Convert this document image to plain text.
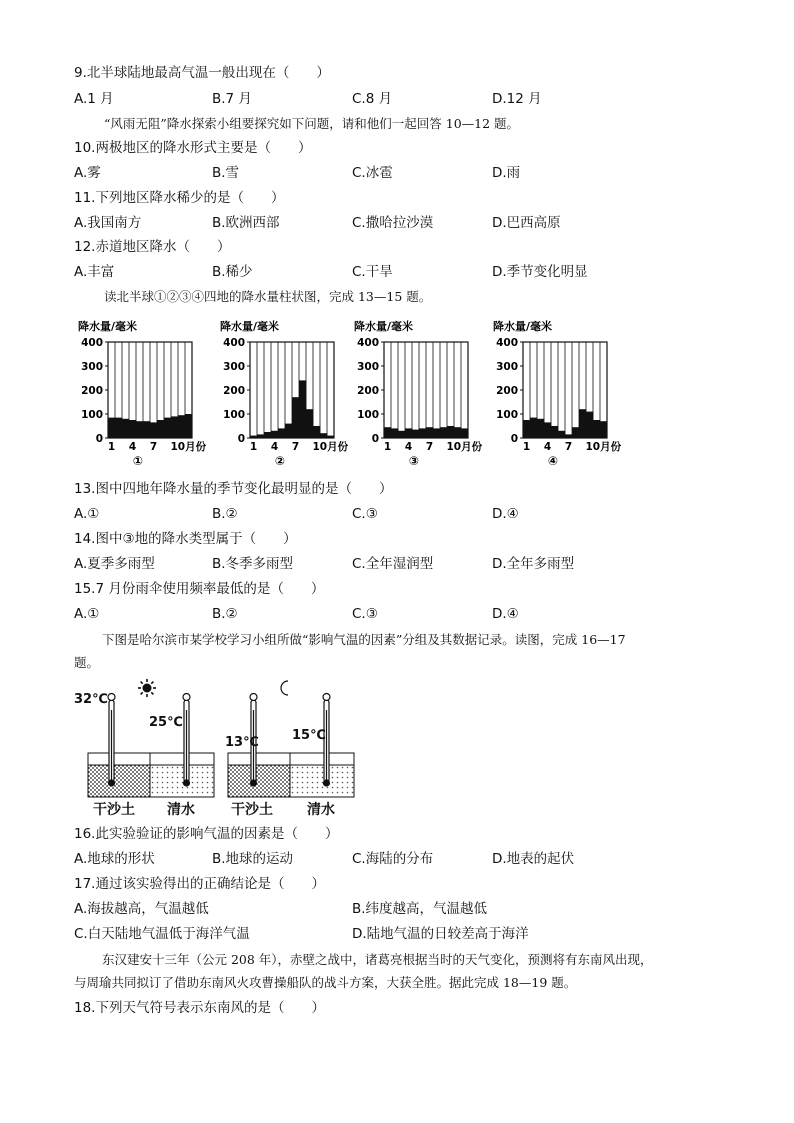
9.北半球陆地最高气温一般出现在（　　）
A.1 月	B.7 月	C.8 月	D.12 月
“风雨无阻”降水探索小组要探究如下问题，请和他们一起回答 10—12 题。
10.两极地区的降水形式主要是（　　）
A.雾	B.雪	C.冰雹	D.雨
11.下列地区降水稀少的是（　　）
A.我国南方	B.欧洲西部	C.撒哈拉沙漠	D.巴西高原
12.赤道地区降水（　　）
A.丰富	B.稀少	C.干旱	D.季节变化明显
读北半球①②③④四地的降水量柱状图，完成 13—15 题。
降水量/毫米
0
100
200
300
400
1 4 7 10月份
①
降水量/毫米
0
100
200
300
400
1 4 7 10月份
②
降水量/毫米
0
100
200
300
400
1 4 7 10月份
③
降水量/毫米
0
100
200
300
400
1 4 7 10月份
④
13.图中四地年降水量的季节变化最明显的是（　　）
A.①	B.②	C.③	D.④
14.图中③地的降水类型属于（　　）
A.夏季多雨型	B.冬季多雨型	C.全年湿润型	D.全年多雨型
15.7 月份雨伞使用频率最低的是（　　）
A.①	B.②	C.③	D.④
下图是哈尔滨市某学校学习小组所做“影响气温的因素”分组及其数据记录。读图，完成 16—17
题。
32℃
25℃
13℃	15℃
干沙土 清水	干沙土 清水
16.此实验验证的影响气温的因素是（　　）
A.地球的形状	B.地球的运动	C.海陆的分布	D.地表的起伏
17.通过该实验得出的正确结论是（　　）
A.海拔越高，气温越低	B.纬度越高，气温越低
C.白天陆地气温低于海洋气温	D.陆地气温的日较差高于海洋
东汉建安十三年（公元 208 年），赤壁之战中，诸葛亮根据当时的天气变化，预测将有东南风出现，
与周瑜共同拟订了借助东南风火攻曹操船队的战斗方案，大获全胜。据此完成 18—19 题。
18.下列天气符号表示东南风的是（　　）
